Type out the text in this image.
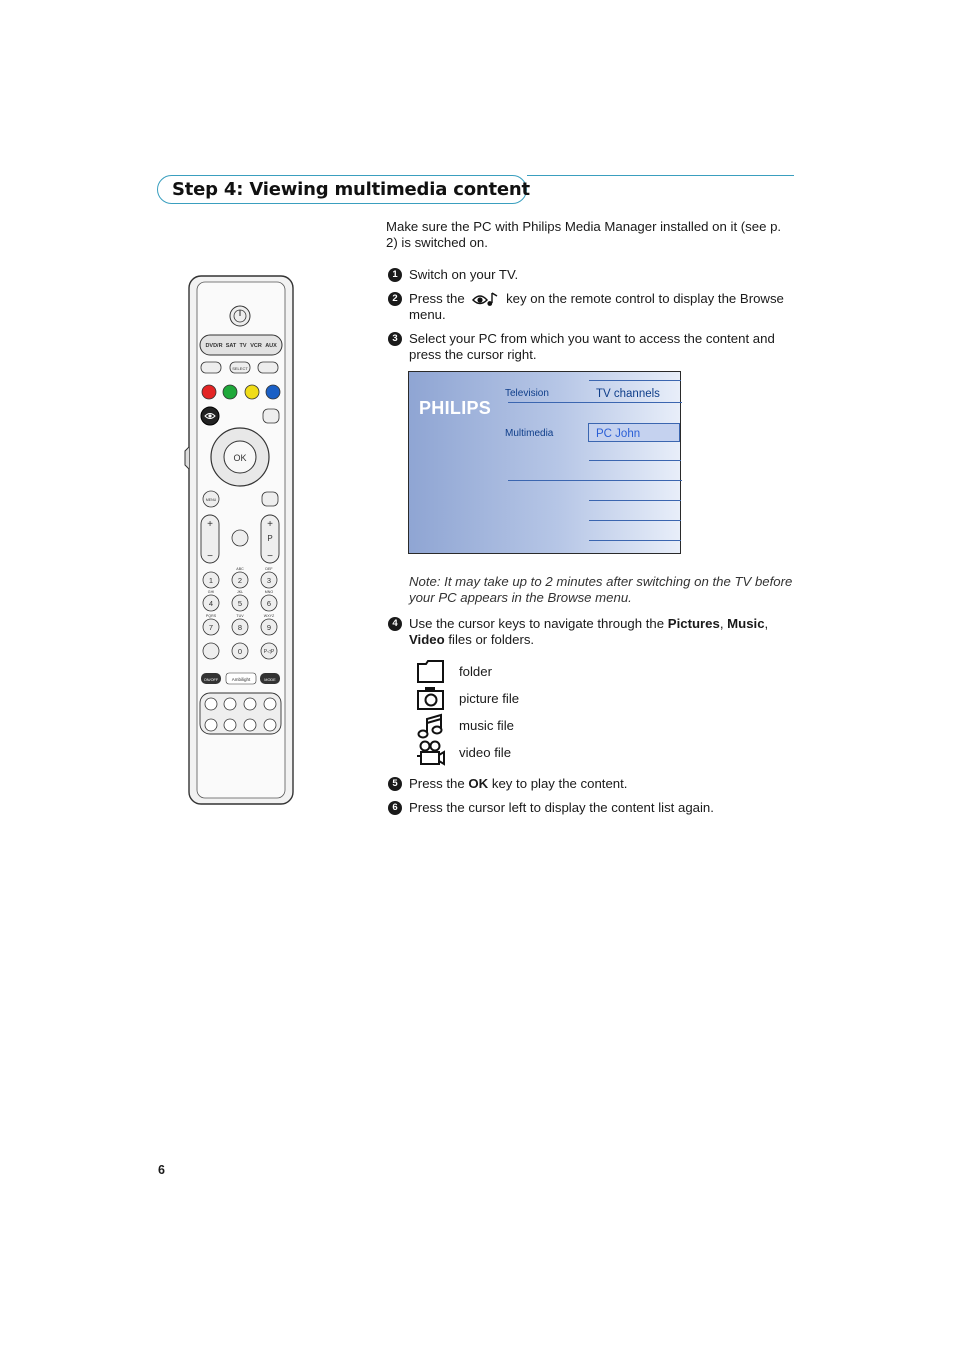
Step 4: Viewing multimedia content
DVD/R SAT TV VCR AUX
SELECT
OK
MENU
+
−
+
P
−
1	2	3
4	5	6
7	8	9
0	P◁P
ABC	DEF
GHI	JKL	MNO
PQRS	TUV	WXYZ
ON/OFF	Ambilight	MODE

Make sure the PC with Philips Media Manager installed on it (see p. 2) is switched on.

1 Switch on your TV.
2 Press the	key on the remote control to display the Browse menu.
3 Select your PC from which you want to access the content and press the cursor right.
PHILIPS
Television
Multimedia
TV channels
PC John

Note: It may take up to 2 minutes after switching on the TV before your PC appears in the Browse menu.

4 Use the cursor keys to navigate through the Pictures, Music, Video files or folders.
folder
picture file
music file
video file
5 Press the OK key to play the content.
6 Press the cursor left to display the content list again.
6
